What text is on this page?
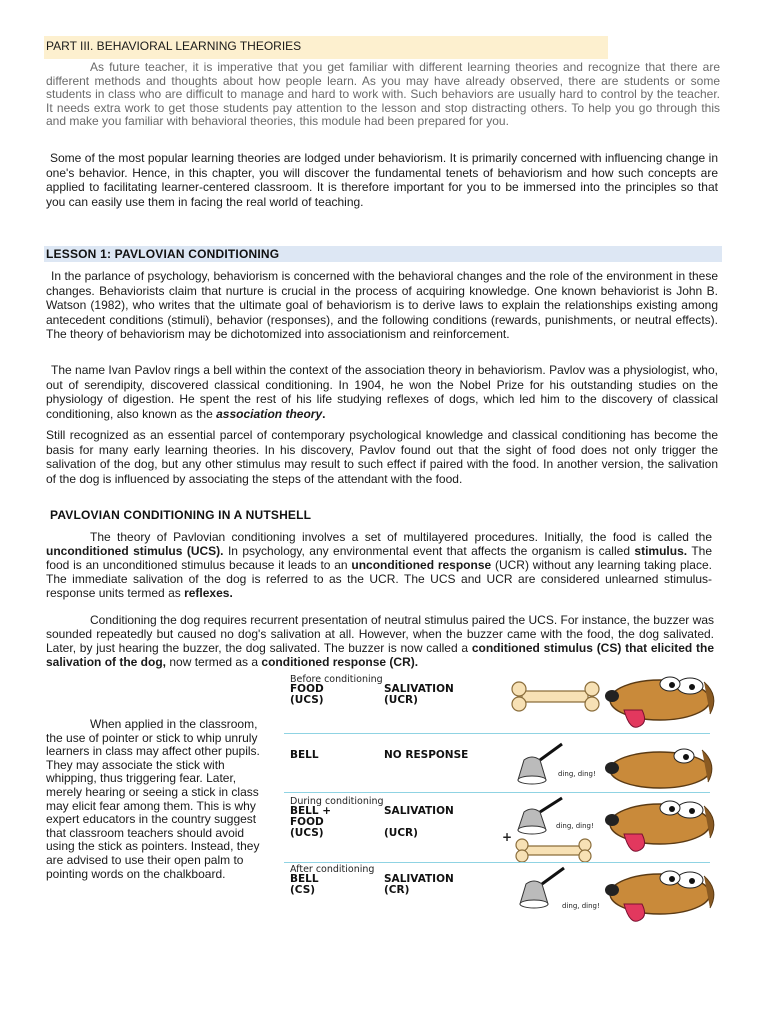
PART III. BEHAVIORAL LEARNING THEORIES

As future teacher, it is imperative that you get familiar with different learning theories and recognize that there are different methods and thoughts about how people learn. As you may have already observed, there are students or some students in class who are difficult to manage and hard to work with. Such behaviors are usually hard to control by the teacher. It needs extra work to get those students pay attention to the lesson and stop distracting others. To help you go through this and make you familiar with behavioral theories, this module had been prepared for you.

Some of the most popular learning theories are lodged under behaviorism. It is primarily concerned with influencing change in one's behavior. Hence, in this chapter, you will discover the fundamental tenets of behaviorism and how such concepts are applied to facilitating learner-centered classroom. It is therefore important for you to be immersed into the principles so that you can easily use them in facing the real world of teaching.

LESSON 1: PAVLOVIAN CONDITIONING

In the parlance of psychology, behaviorism is concerned with the behavioral changes and the role of the environment in these changes. Behaviorists claim that nurture is crucial in the process of acquiring knowledge. One known behaviorist is John B. Watson (1982), who writes that the ultimate goal of behaviorism is to derive laws to explain the relationships existing among antecedent conditions (stimuli), behavior (responses), and the following conditions (rewards, punishments, or neutral effects). The theory of behaviorism may be dichotomized into associationism and reinforcement.

The name Ivan Pavlov rings a bell within the context of the association theory in behaviorism. Pavlov was a physiologist, who, out of serendipity, discovered classical conditioning. In 1904, he won the Nobel Prize for his outstanding studies on the physiology of digestion. He spent the rest of his life studying reflexes of dogs, which led him to the discovery of classical conditioning, also known as the association theory.

Still recognized as an essential parcel of contemporary psychological knowledge and classical conditioning has become the basis for many early learning theories. In his discovery, Pavlov found out that the sight of food does not only trigger the salivation of the dog, but any other stimulus may result to such effect if paired with the food. In another version, the salivation of the dog is influenced by associating the steps of the attendant with the food.

PAVLOVIAN CONDITIONING IN A NUTSHELL

The theory of Pavlovian conditioning involves a set of multilayered procedures. Initially, the food is called the unconditioned stimulus (UCS). In psychology, any environmental event that affects the organism is called stimulus. The food is an unconditioned stimulus because it leads to an unconditioned response (UCR) without any learning taking place. The immediate salivation of the dog is referred to as the UCR. The UCS and UCR are considered unlearned stimulus-response units termed as reflexes.

Conditioning the dog requires recurrent presentation of neutral stimulus paired the UCS. For instance, the buzzer was sounded repeatedly but caused no dog's salivation at all. However, when the buzzer came with the food, the dog salivated. Later, by just hearing the buzzer, the dog salivated. The buzzer is now called a conditioned stimulus (CS) that elicited the salivation of the dog, now termed as a conditioned response (CR).

When applied in the classroom, the use of pointer or stick to whip unruly learners in class may affect other pupils. They may associate the stick with whipping, thus triggering fear. Later, merely hearing or seeing a stick in class may elicit fear among them. This is why expert educators in the country suggest that classroom teachers should avoid using the stick as pointers. Instead, they are advised to use their open palm to pointing words on the chalkboard.

Before conditioning

FOOD
(UCS)

SALIVATION
(UCR)

BELL	NO RESPONSE

ding, ding!

During conditioning

BELL +
FOOD
(UCS)

SALIVATION

(UCR)

ding, ding!

+

After conditioning

BELL
(CS)

SALIVATION
(CR)

ding, ding!
